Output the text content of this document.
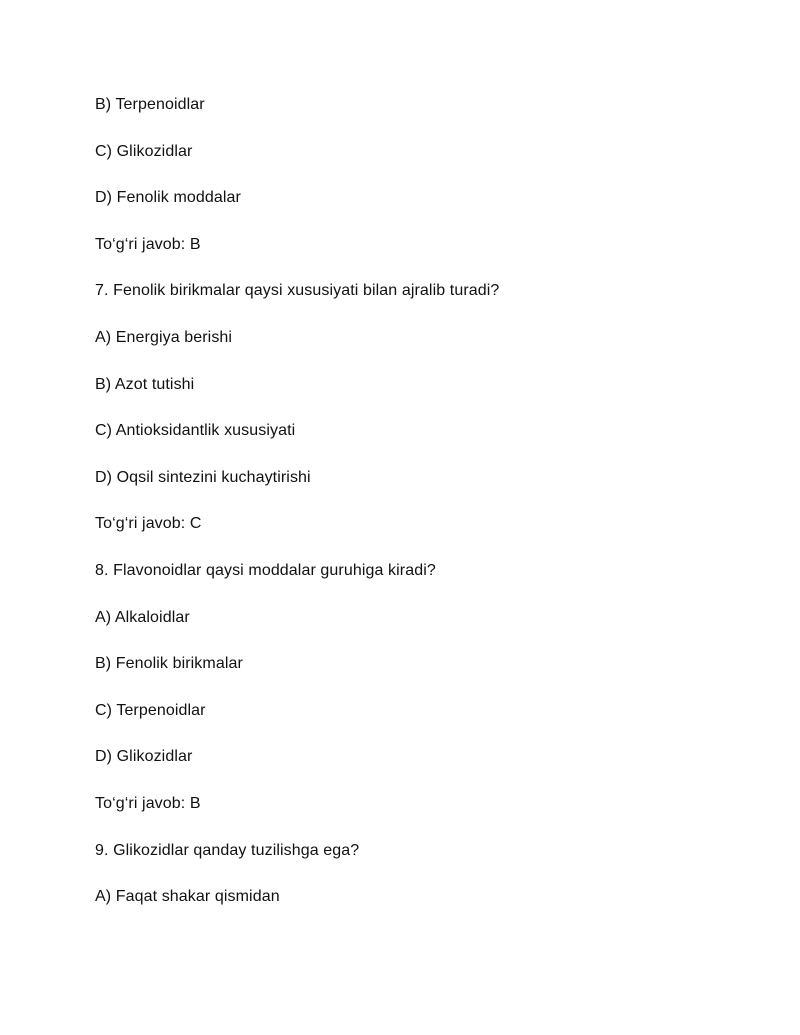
B) Terpenoidlar
C) Glikozidlar
D) Fenolik moddalar
To‘g‘ri javob: B
7. Fenolik birikmalar qaysi xususiyati bilan ajralib turadi?
A) Energiya berishi
B) Azot tutishi
C) Antioksidantlik xususiyati
D) Oqsil sintezini kuchaytirishi
To‘g‘ri javob: C
8. Flavonoidlar qaysi moddalar guruhiga kiradi?
A) Alkaloidlar
B) Fenolik birikmalar
C) Terpenoidlar
D) Glikozidlar
To‘g‘ri javob: B
9. Glikozidlar qanday tuzilishga ega?
A) Faqat shakar qismidan
